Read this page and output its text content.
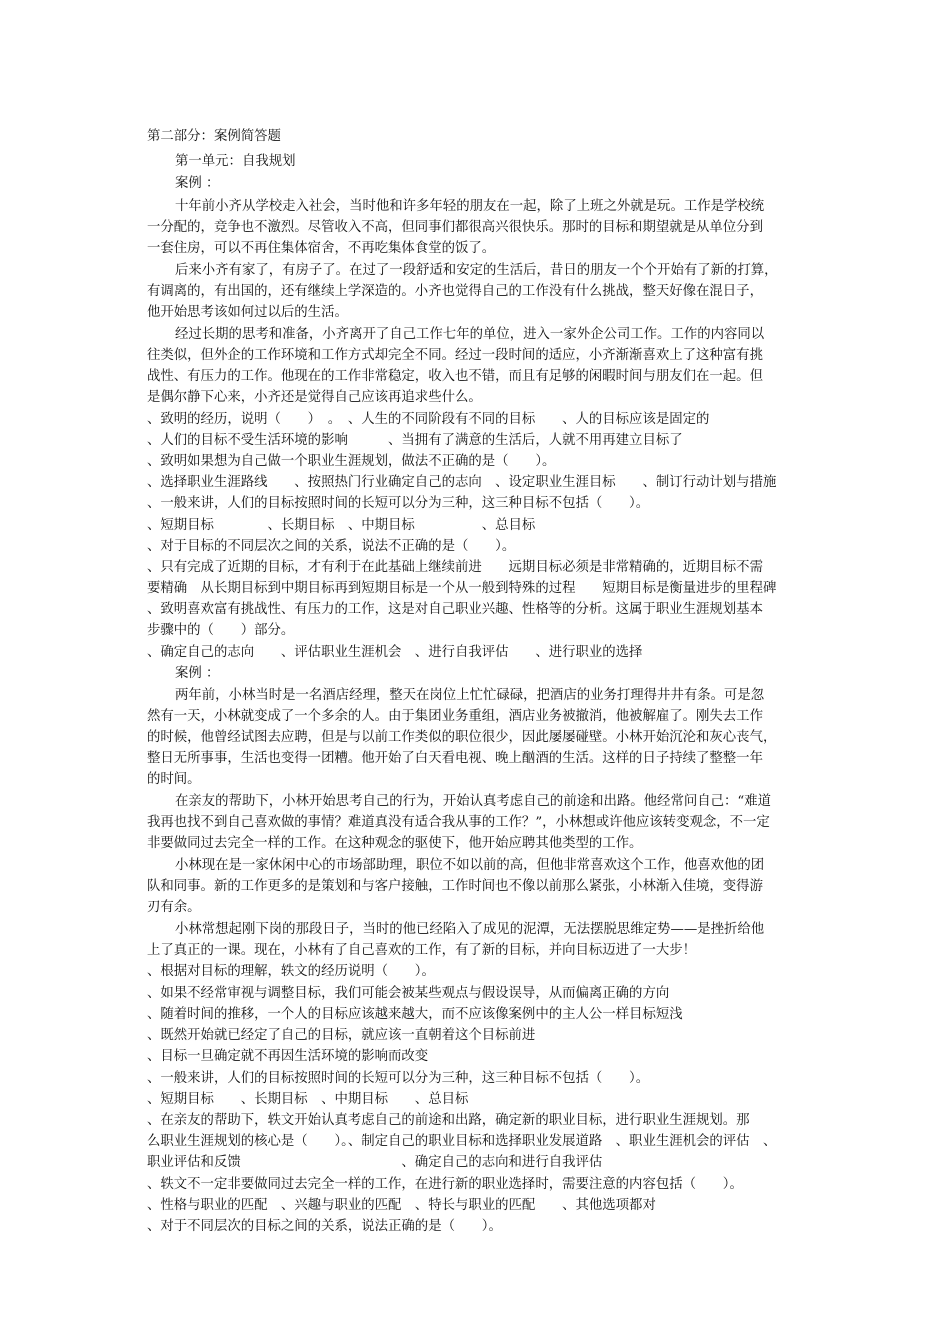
第二部分：案例简答题
第一单元：自我规划
案例 ：
十年前小齐从学校走入社会，当时他和许多年轻的朋友在一起，除了上班之外就是玩。工作是学校统
一分配的，竞争也不激烈。尽管收入不高，但同事们都很高兴很快乐。那时的目标和期望就是从单位分到
一套住房，可以不再住集体宿舍，不再吃集体食堂的饭了。
后来小齐有家了，有房子了。在过了一段舒适和安定的生活后，昔日的朋友一个个开始有了新的打算，
有调离的，有出国的，还有继续上学深造的。小齐也觉得自己的工作没有什么挑战，整天好像在混日子，
他开始思考该如何过以后的生活。
经过长期的思考和准备，小齐离开了自己工作七年的单位，进入一家外企公司工作。工作的内容同以
往类似，但外企的工作环境和工作方式却完全不同。经过一段时间的适应，小齐渐渐喜欢上了这种富有挑
战性、有压力的工作。他现在的工作非常稳定，收入也不错，而且有足够的闲暇时间与朋友们在一起。但
是偶尔静下心来，小齐还是觉得自己应该再追求些什么。
、致明的经历，说明（　　）　。　、人生的不同阶段有不同的目标　　、人的目标应该是固定的
、人们的目标不受生活环境的影响　　　、当拥有了满意的生活后，人就不用再建立目标了
、致明如果想为自己做一个职业生涯规划，做法不正确的是（　　）。
、选择职业生涯路线　　、按照热门行业确定自己的志向　、设定职业生涯目标　　、制订行动计划与措施
、一般来讲，人们的目标按照时间的长短可以分为三种，这三种目标不包括（　　）。
、短期目标　　　　、长期目标　、中期目标　　　　　、总目标
、对于目标的不同层次之间的关系，说法不正确的是（　　）。
、只有完成了近期的目标，才有利于在此基础上继续前进　　远期目标必须是非常精确的，近期目标不需
要精确　从长期目标到中期目标再到短期目标是一个从一般到特殊的过程　　短期目标是衡量进步的里程碑
、致明喜欢富有挑战性、有压力的工作，这是对自己职业兴趣、性格等的分析。这属于职业生涯规划基本
步骤中的（　　）部分。
、确定自己的志向　　、评估职业生涯机会　、进行自我评估　　、进行职业的选择
案例 ：
两年前，小林当时是一名酒店经理，整天在岗位上忙忙碌碌，把酒店的业务打理得井井有条。可是忽
然有一天，小林就变成了一个多余的人。由于集团业务重组，酒店业务被撤消，他被解雇了。刚失去工作
的时候，他曾经试图去应聘，但是与以前工作类似的职位很少，因此屡屡碰壁。小林开始沉沦和灰心丧气，
整日无所事事，生活也变得一团糟。他开始了白天看电视、晚上酗酒的生活。这样的日子持续了整整一年
的时间。
在亲友的帮助下，小林开始思考自己的行为，开始认真考虑自己的前途和出路。他经常问自己：“难道
我再也找不到自己喜欢做的事情？难道真没有适合我从事的工作？”，小林想或许他应该转变观念，不一定
非要做同过去完全一样的工作。在这种观念的驱使下，他开始应聘其他类型的工作。
小林现在是一家休闲中心的市场部助理，职位不如以前的高，但他非常喜欢这个工作，他喜欢他的团
队和同事。新的工作更多的是策划和与客户接触，工作时间也不像以前那么紧张，小林渐入佳境，变得游
刃有余。
小林常想起刚下岗的那段日子，当时的他已经陷入了成见的泥潭，无法摆脱思维定势——是挫折给他
上了真正的一课。现在，小林有了自己喜欢的工作，有了新的目标，并向目标迈进了一大步！
、根据对目标的理解，轶文的经历说明（　　）。
、如果不经常审视与调整目标，我们可能会被某些观点与假设误导，从而偏离正确的方向
、随着时间的推移，一个人的目标应该越来越大，而不应该像案例中的主人公一样目标短浅
、既然开始就已经定了自己的目标，就应该一直朝着这个目标前进
、目标一旦确定就不再因生活环境的影响而改变
、一般来讲，人们的目标按照时间的长短可以分为三种，这三种目标不包括（　　）。
、短期目标　　、长期目标　、中期目标　　、总目标
、在亲友的帮助下，轶文开始认真考虑自己的前途和出路，确定新的职业目标，进行职业生涯规划。那
么职业生涯规划的核心是（　　）。、制定自己的职业目标和选择职业发展道路　、职业生涯机会的评估　、
职业评估和反馈　　　　　　　　　　　　、确定自己的志向和进行自我评估
、轶文不一定非要做同过去完全一样的工作，在进行新的职业选择时，需要注意的内容包括（　　）。
、性格与职业的匹配　、兴趣与职业的匹配　、特长与职业的匹配　　、其他选项都对
、对于不同层次的目标之间的关系，说法正确的是（　　）。
